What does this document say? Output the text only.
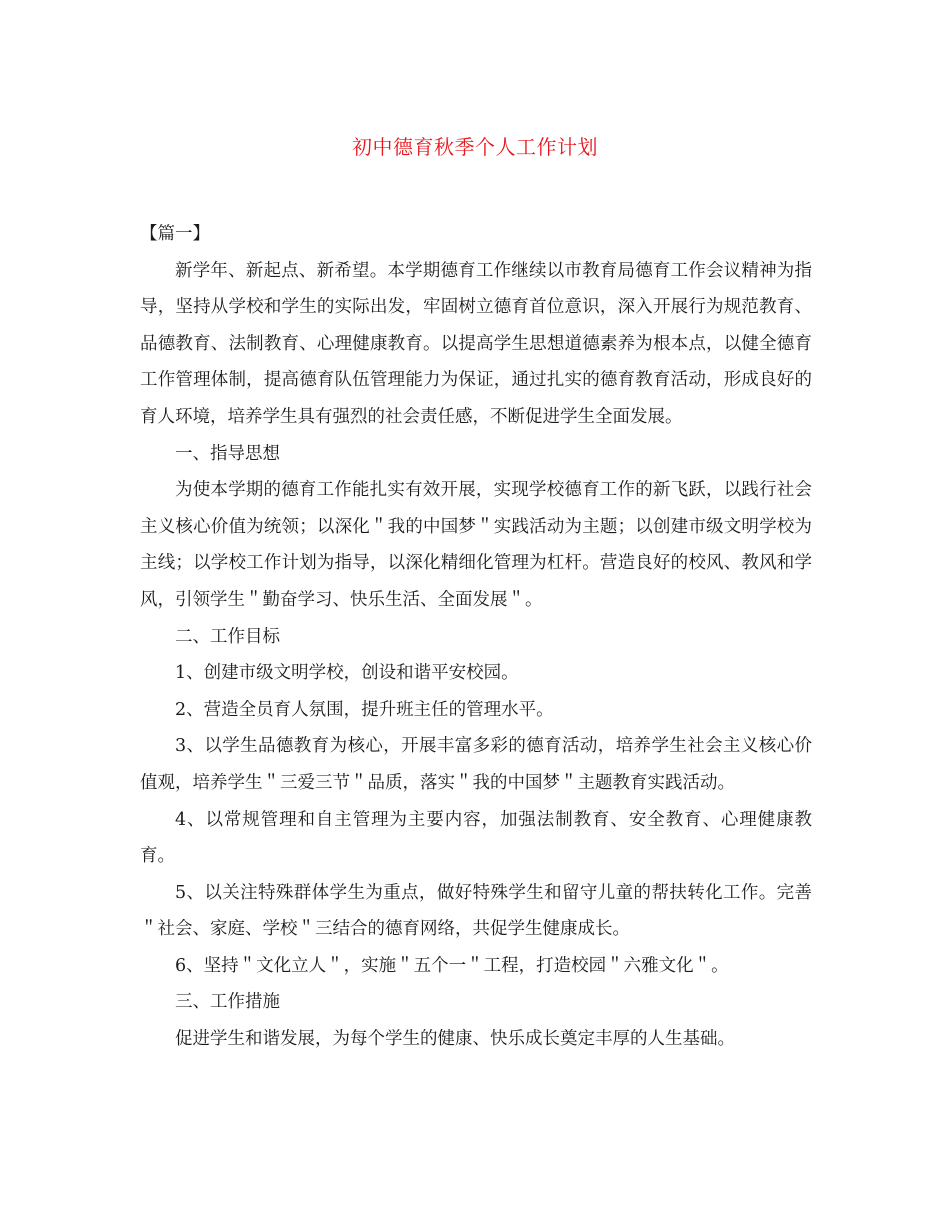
初中德育秋季个人工作计划

【篇一】

新学年、新起点、新希望。本学期德育工作继续以市教育局德育工作会议精神为指导，坚持从学校和学生的实际出发，牢固树立德育首位意识，深入开展行为规范教育、品德教育、法制教育、心理健康教育。以提高学生思想道德素养为根本点，以健全德育工作管理体制，提高德育队伍管理能力为保证，通过扎实的德育教育活动，形成良好的育人环境，培养学生具有强烈的社会责任感，不断促进学生全面发展。

一、指导思想

为使本学期的德育工作能扎实有效开展，实现学校德育工作的新飞跃，以践行社会主义核心价值为统领；以深化＂我的中国梦＂实践活动为主题；以创建市级文明学校为主线；以学校工作计划为指导，以深化精细化管理为杠杆。营造良好的校风、教风和学风，引领学生＂勤奋学习、快乐生活、全面发展＂。

二、工作目标

1、创建市级文明学校，创设和谐平安校园。

2、营造全员育人氛围，提升班主任的管理水平。

3、以学生品德教育为核心，开展丰富多彩的德育活动，培养学生社会主义核心价值观，培养学生＂三爱三节＂品质，落实＂我的中国梦＂主题教育实践活动。

4、以常规管理和自主管理为主要内容，加强法制教育、安全教育、心理健康教育。

5、以关注特殊群体学生为重点，做好特殊学生和留守儿童的帮扶转化工作。完善＂社会、家庭、学校＂三结合的德育网络，共促学生健康成长。

6、坚持＂文化立人＂，实施＂五个一＂工程，打造校园＂六雅文化＂。

三、工作措施

促进学生和谐发展，为每个学生的健康、快乐成长奠定丰厚的人生基础。
